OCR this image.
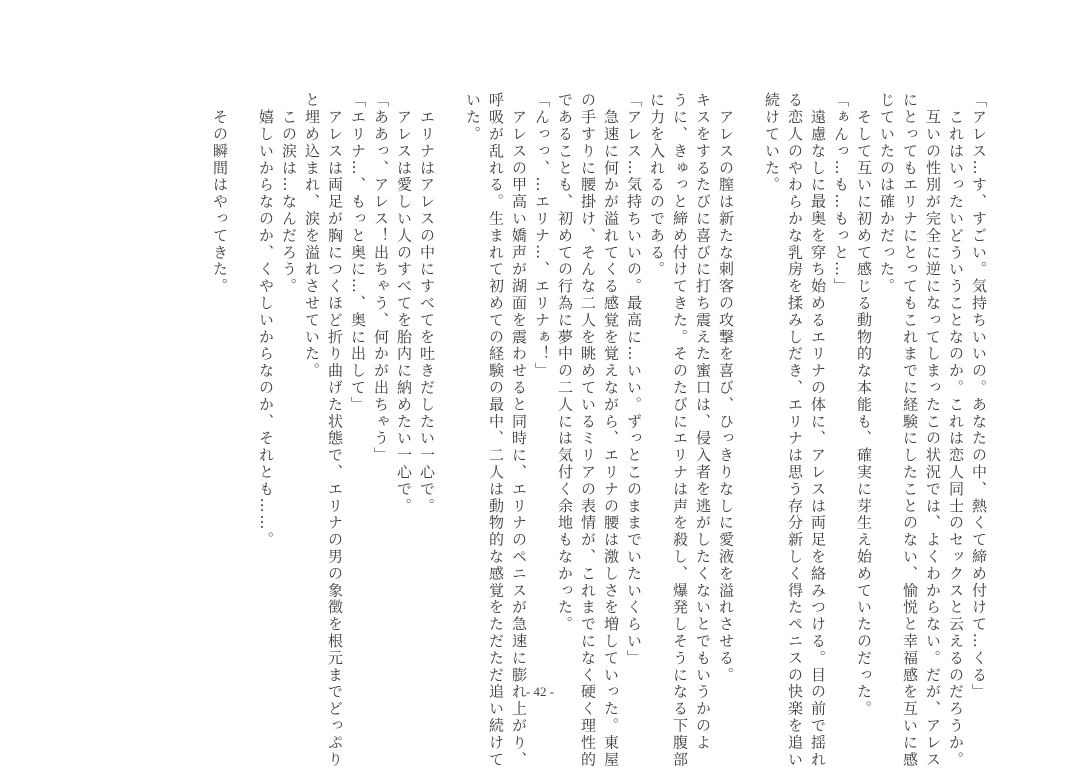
「アレス…す、すごい。気持ちいいの。あなたの中、熱くて締め付けて…くる」
　これはいったいどういうことなのか。これは恋人同士のセックスと云えるのだろうか。
　互いの性別が完全に逆になってしまったこの状況では、よくわからない。だが、アレス
にとってもエリナにとってもこれまでに経験にしたことのない、愉悦と幸福感を互いに感
じていたのは確かだった。
　そして互いに初めて感じる動物的な本能も、確実に芽生え始めていたのだった。
「ぁんっ…も…もっと…」
　遠慮なしに最奥を穿ち始めるエリナの体に、アレスは両足を絡みつける。目の前で揺れ
る恋人のやわらかな乳房を揉みしだき、エリナは思う存分新しく得たペニスの快楽を追い
続けていた。
　アレスの膣は新たな刺客の攻撃を喜び、ひっきりなしに愛液を溢れさせる。
キスをするたびに喜びに打ち震えた蜜口は、侵入者を逃がしたくないとでもいうかのよ
うに、きゅっと締め付けてきた。そのたびにエリナは声を殺し、爆発しそうになる下腹部
に力を入れるのである。
「アレス…気持ちいいの。最高に…いい。ずっとこのままでいたいくらい」
　急速に何かが溢れてくる感覚を覚えながら、エリナの腰は激しさを増していった。東屋
の手すりに腰掛け、そんな二人を眺めているミリアの表情が、これまでになく硬く理性的
であることも、初めての行為に夢中の二人には気付く余地もなかった。
「んっっ、…エリナ…、エリナぁ！」
　アレスの甲高い嬌声が湖面を震わせると同時に、エリナのペニスが急速に膨れ上がり、
呼吸が乱れる。生まれて初めての経験の最中、二人は動物的な感覚をただただ追い続けて
いた。
　エリナはアレスの中にすべてを吐きだしたい一心で。
　アレスは愛しい人のすべてを胎内に納めたい一心で。
「ああっ、アレス！出ちゃう、何かが出ちゃう」
「エリナ…、もっと奥に…、奥に出して」
　アレスは両足が胸につくほど折り曲げた状態で、エリナの男の象徴を根元までどっぷり
と埋め込まれ、涙を溢れさせていた。
　この涙は…なんだろう。
　嬉しいからなのか、くやしいからなのか、それとも……。
　その瞬間はやってきた。
- 42 -
